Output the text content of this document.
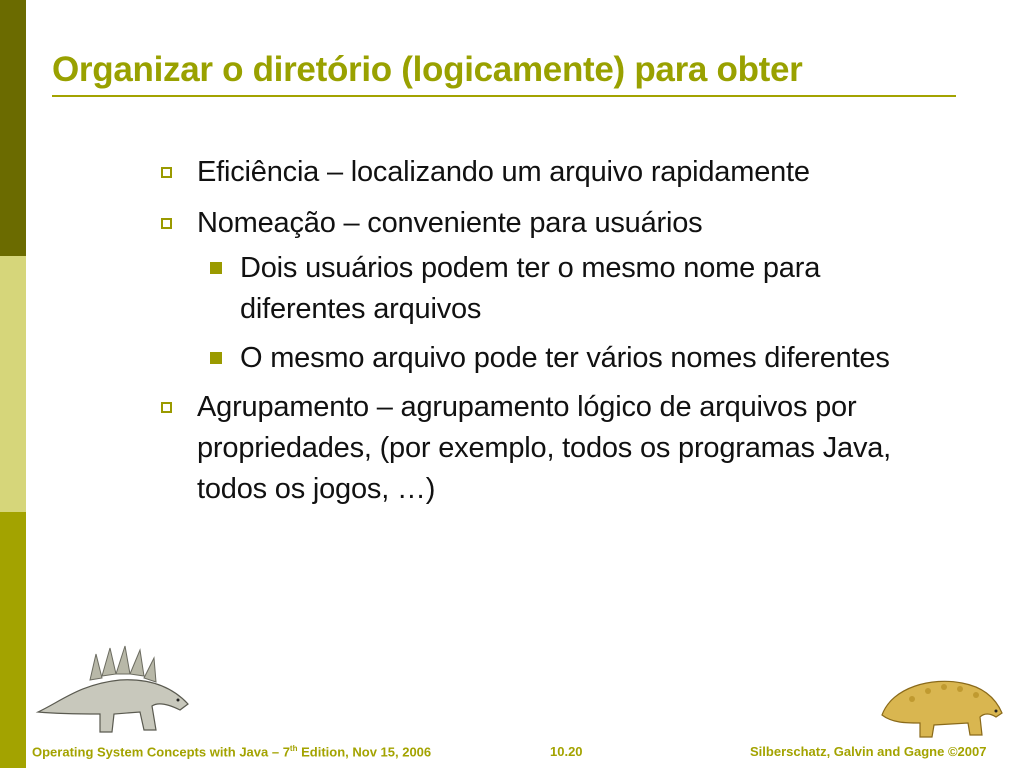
Organizar o diretório (logicamente) para obter
Eficiência – localizando um arquivo rapidamente
Nomeação – conveniente para usuários
Dois usuários podem ter o mesmo nome para diferentes arquivos
O mesmo arquivo pode ter vários nomes diferentes
Agrupamento – agrupamento lógico de arquivos por propriedades, (por exemplo, todos os programas Java, todos os jogos, …)
Operating System Concepts with Java – 7th Edition, Nov 15, 2006	10.20	Silberschatz, Galvin and Gagne ©2007
